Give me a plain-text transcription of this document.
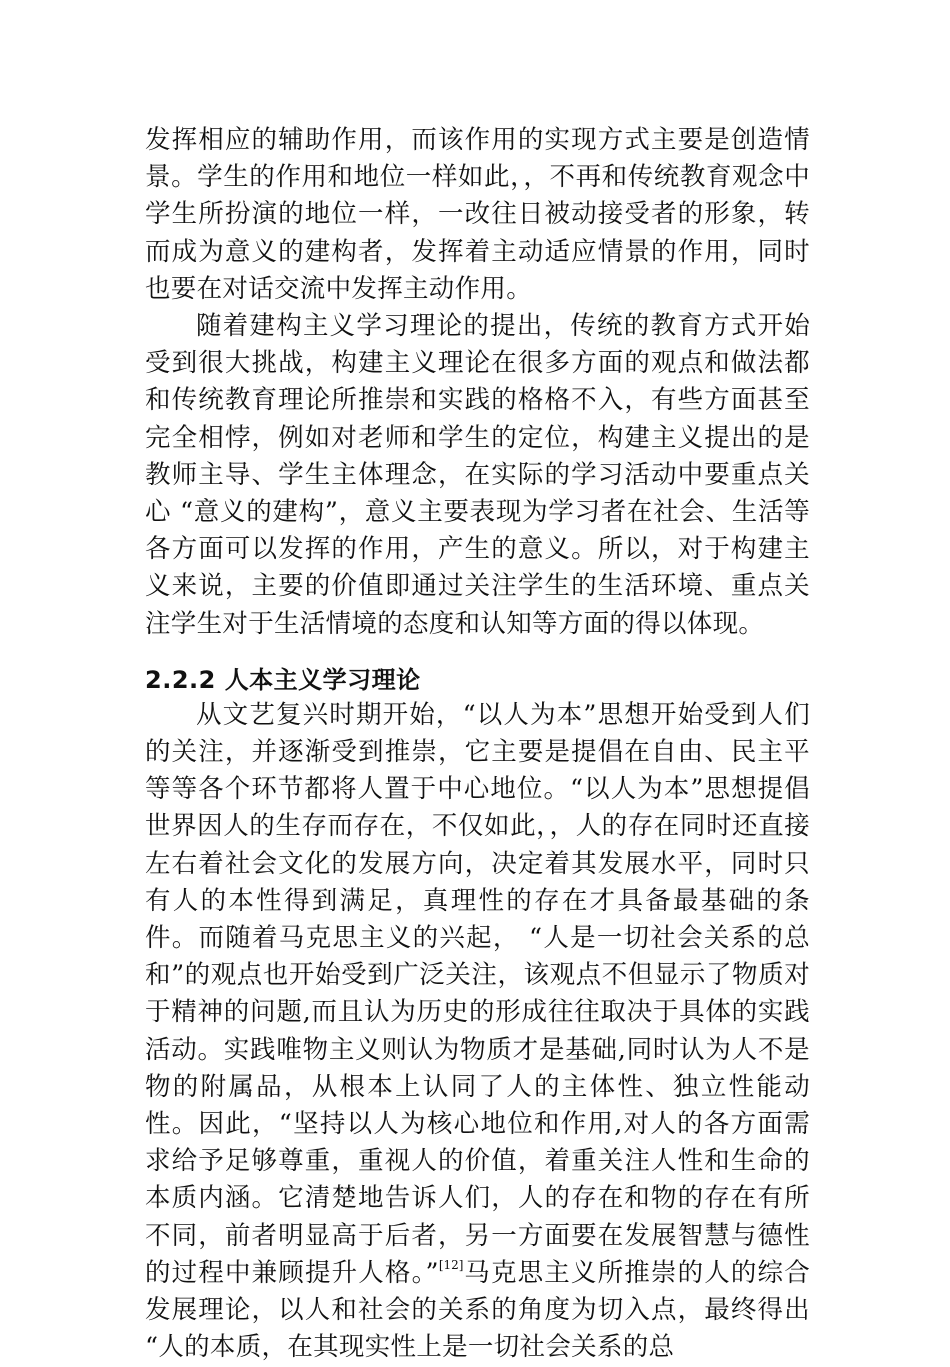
发挥相应的辅助作用，而该作用的实现方式主要是创造情景。学生的作用和地位一样如此，，不再和传统教育观念中学生所扮演的地位一样，一改往日被动接受者的形象，转而成为意义的建构者，发挥着主动适应情景的作用，同时也要在对话交流中发挥主动作用。

随着建构主义学习理论的提出，传统的教育方式开始受到很大挑战，构建主义理论在很多方面的观点和做法都和传统教育理论所推崇和实践的格格不入，有些方面甚至完全相悖，例如对老师和学生的定位，构建主义提出的是教师主导、学生主体理念，在实际的学习活动中要重点关心 “意义的建构”，意义主要表现为学习者在社会、生活等各方面可以发挥的作用，产生的意义。所以，对于构建主义来说，主要的价值即通过关注学生的生活环境、重点关注学生对于生活情境的态度和认知等方面的得以体现。

2.2.2 人本主义学习理论

从文艺复兴时期开始，“以人为本”思想开始受到人们的关注，并逐渐受到推崇，它主要是提倡在自由、民主平等等各个环节都将人置于中心地位。“以人为本”思想提倡世界因人的生存而存在，不仅如此，，人的存在同时还直接左右着社会文化的发展方向，决定着其发展水平，同时只有人的本性得到满足，真理性的存在才具备最基础的条件。而随着马克思主义的兴起， “人是一切社会关系的总和”的观点也开始受到广泛关注，该观点不但显示了物质对于精神的问题,而且认为历史的形成往往取决于具体的实践活动。实践唯物主义则认为物质才是基础,同时认为人不是物的附属品，从根本上认同了人的主体性、独立性能动性。因此，“坚持以人为核心地位和作用,对人的各方面需求给予足够尊重，重视人的价值，着重关注人性和生命的本质内涵。它清楚地告诉人们，人的存在和物的存在有所不同，前者明显高于后者，另一方面要在发展智慧与德性的过程中兼顾提升人格。”[12]马克思主义所推崇的人的综合发展理论，以人和社会的关系的角度为切入点，最终得出 “人的本质，在其现实性上是一切社会关系的总
